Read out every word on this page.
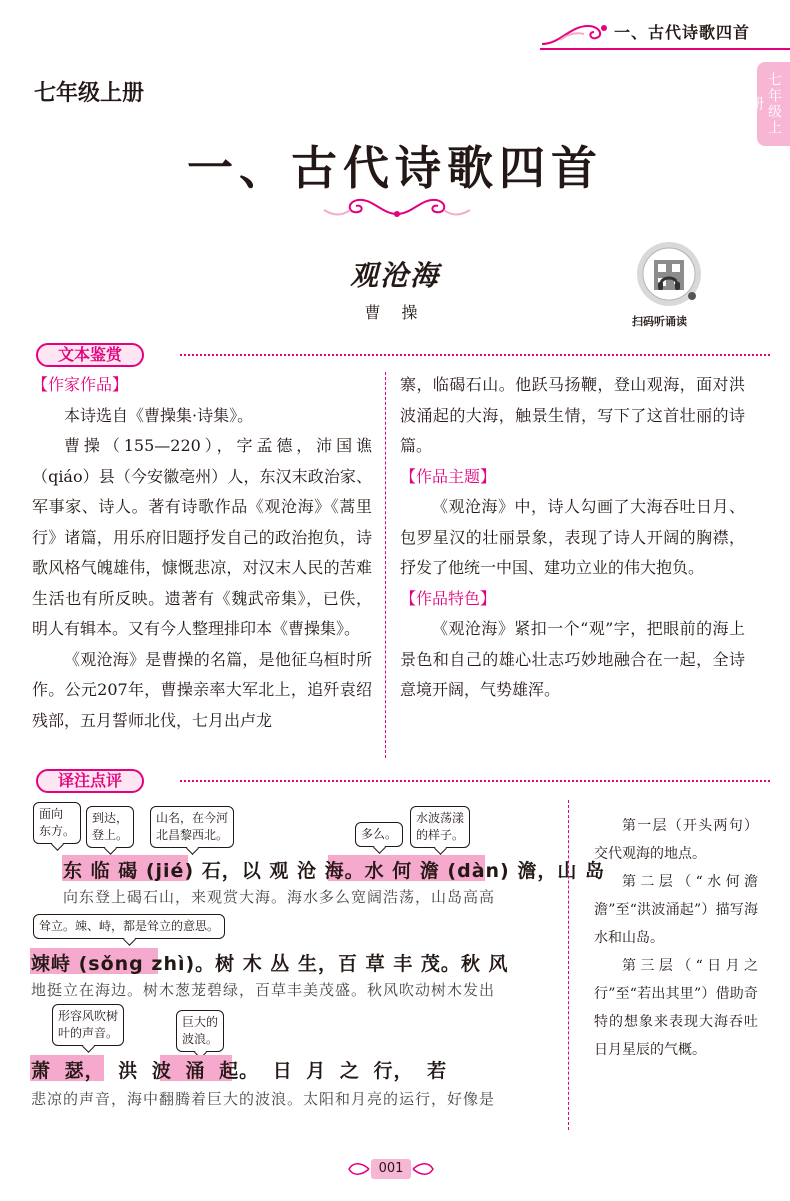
一、古代诗歌四首
七年级上册
七年级上册
一、古代诗歌四首
观沧海
曹 操	扫码听诵读
文本鉴赏
【作家作品】

本诗选自《曹操集·诗集》。

曹操（155—220），字孟德，沛国谯（qiáo）县（今安徽亳州）人，东汉末政治家、军事家、诗人。著有诗歌作品《观沧海》《蒿里行》诸篇，用乐府旧题抒发自己的政治抱负，诗歌风格气魄雄伟，慷慨悲凉，对汉末人民的苦难生活也有所反映。遗著有《魏武帝集》，已佚，明人有辑本。又有今人整理排印本《曹操集》。

《观沧海》是曹操的名篇，是他征乌桓时所作。公元207年，曹操亲率大军北上，追歼袁绍残部，五月誓师北伐，七月出卢龙

寨，临碣石山。他跃马扬鞭，登山观海，面对洪波涌起的大海，触景生情，写下了这首壮丽的诗篇。
【作品主题】

《观沧海》中，诗人勾画了大海吞吐日月、包罗星汉的壮丽景象，表现了诗人开阔的胸襟，抒发了他统一中国、建功立业的伟大抱负。

【作品特色】

《观沧海》紧扣一个“观”字，把眼前的海上景色和自己的雄心壮志巧妙地融合在一起，全诗意境开阔，气势雄浑。

译注点评
面向
东方。
到达，
登上。
山名，在今河
北昌黎西北。	多么。
水波荡漾
的样子。
东 临 碣 (jié) 石，以 观 沧 海。水 何 澹 (dàn) 澹，山 岛
向东登上碣石山，来观赏大海。海水多么宽阔浩荡，山岛高高
耸立。竦、峙，都是耸立的意思。
竦峙 (sǒng zhì)。树 木 丛 生，百 草 丰 茂。秋 风
地挺立在海边。树木葱茏碧绿，百草丰美茂盛。秋风吹动树木发出
形容风吹树
叶的声音。
巨大的
波浪。
萧 瑟， 洪 波 涌 起。 日 月 之 行， 若
悲凉的声音，海中翻腾着巨大的波浪。太阳和月亮的运行，好像是

第一层（开头两句）交代观海的地点。

第二层（“水何澹澹”至“洪波涌起”）描写海水和山岛。

第三层（“日月之行”至“若出其里”）借助奇特的想象来表现大海吞吐日月星辰的气概。

001
